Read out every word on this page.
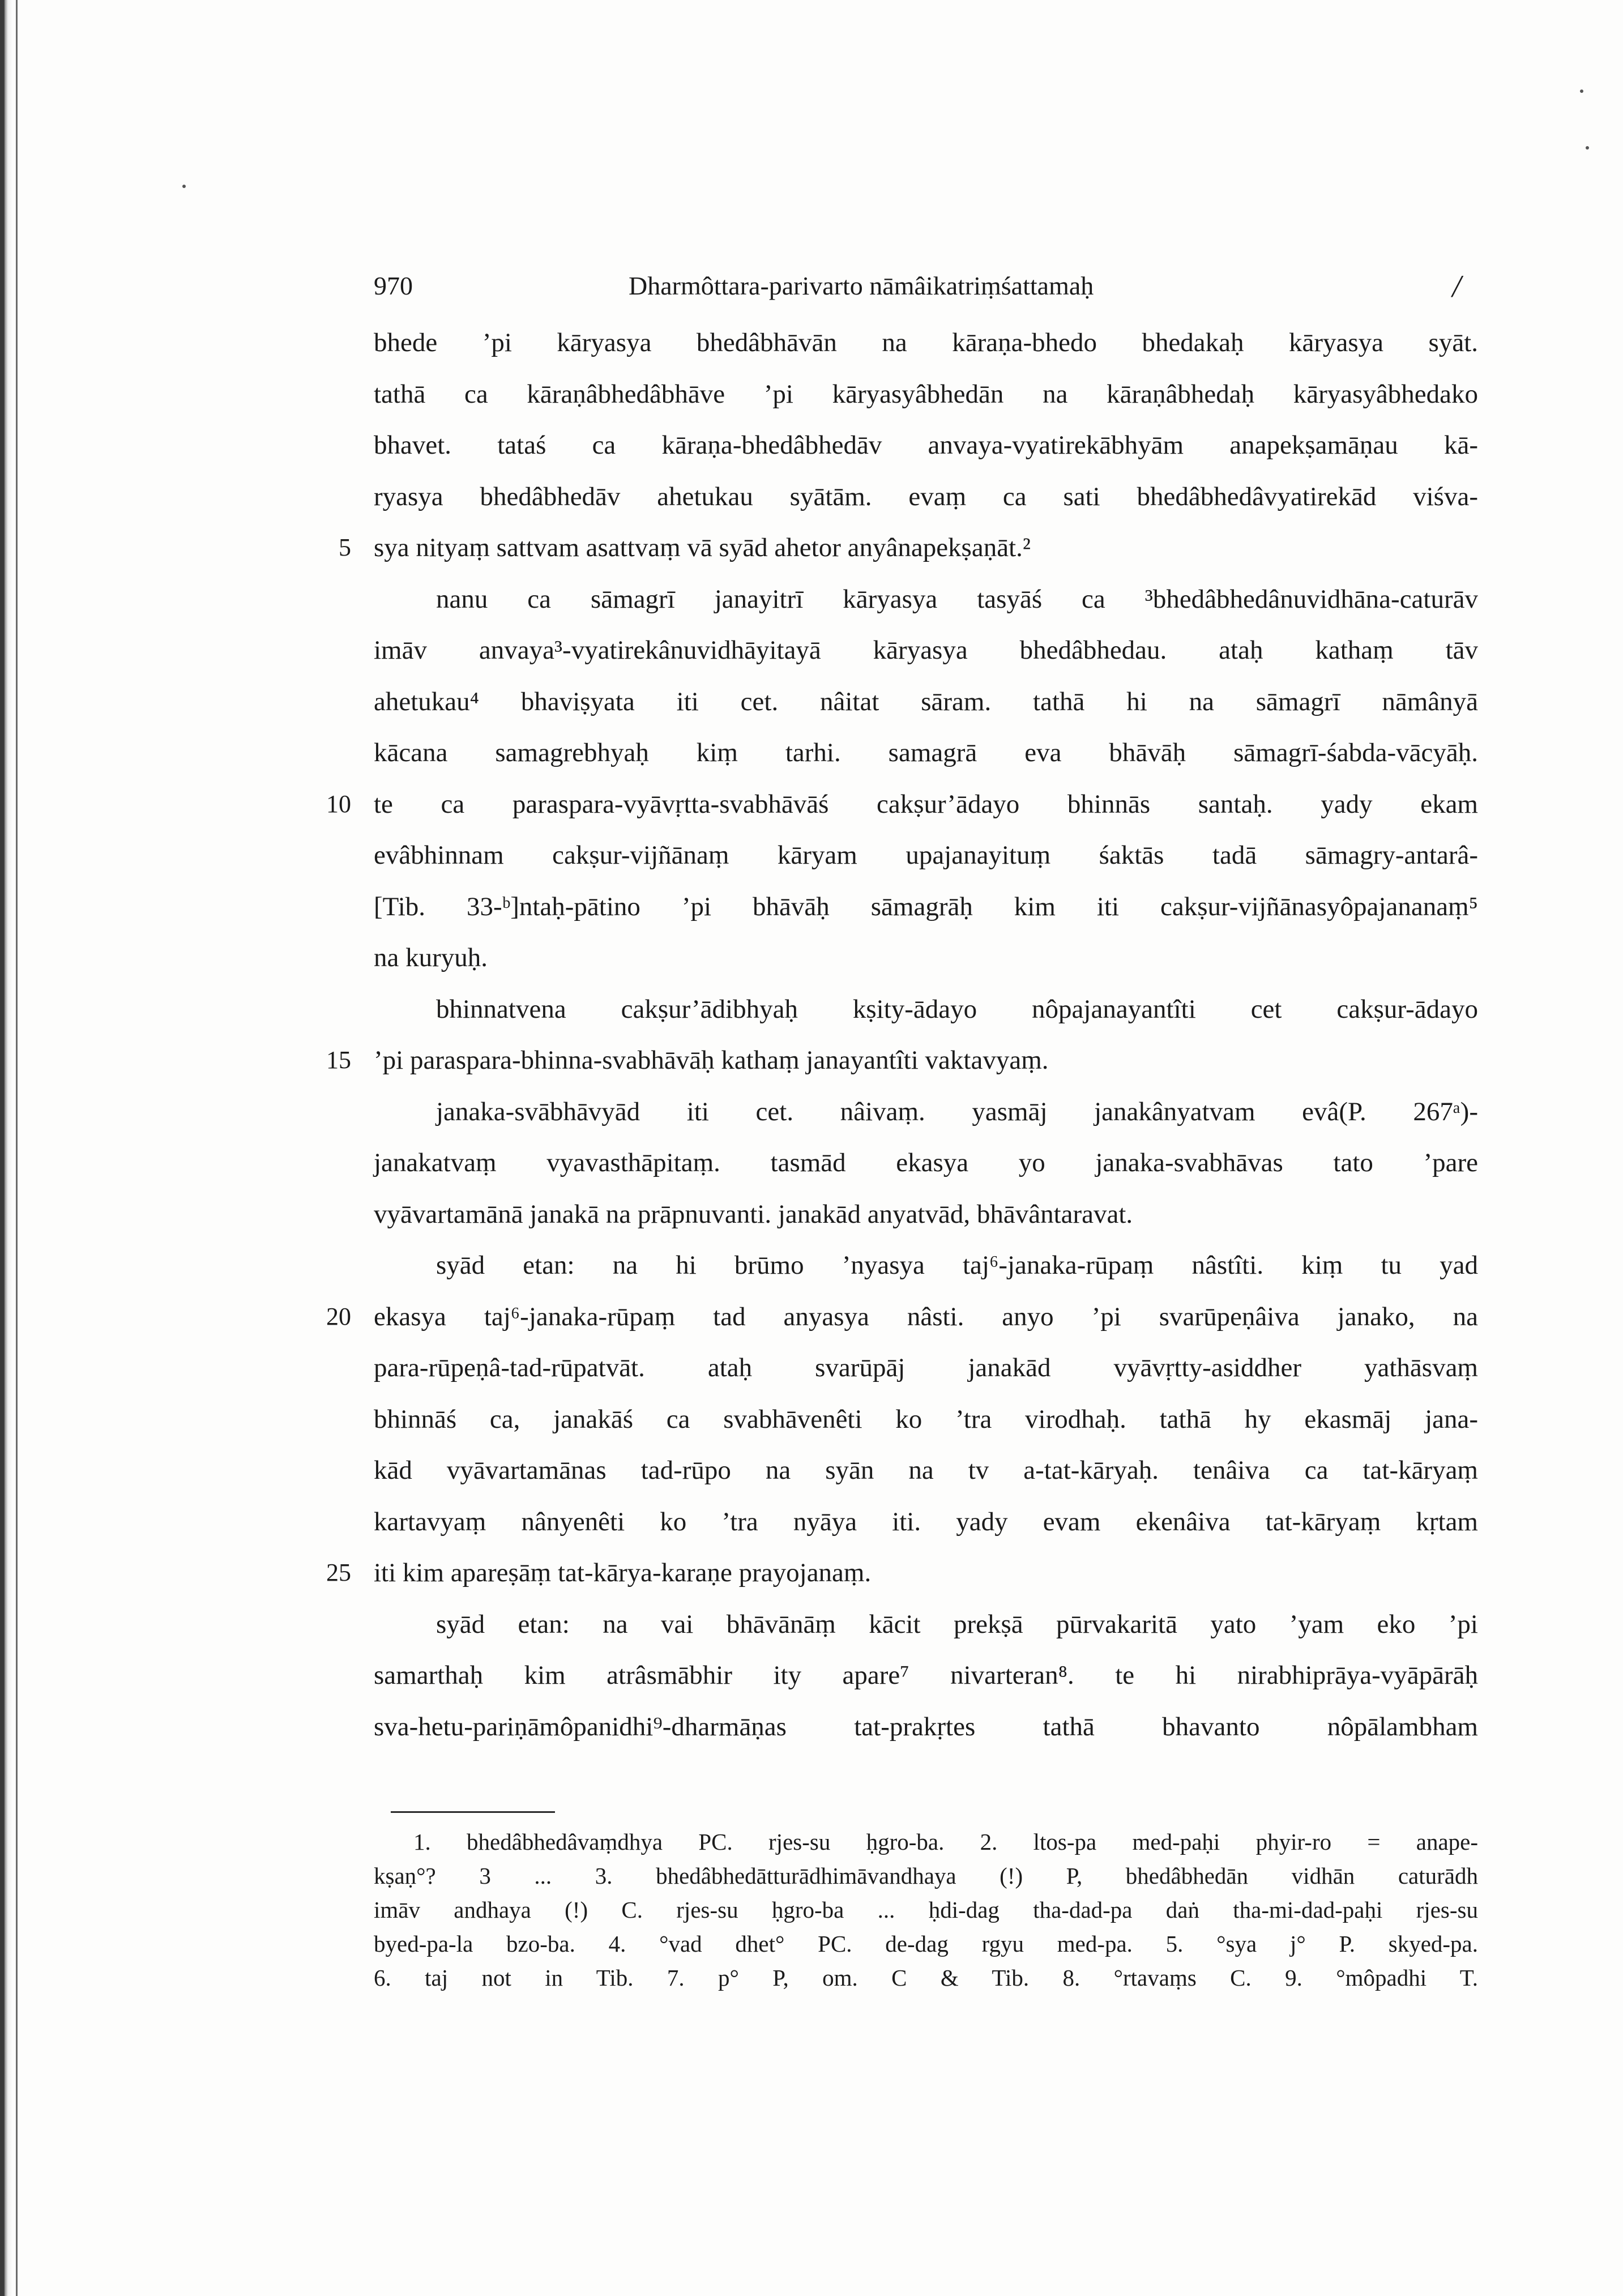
970	Dharmôttara-parivarto nāmâikatriṃśattamaḥ	/
bhede ’pi kāryasya bhedâbhāvān na kāraṇa-bhedo bhedakaḥ kāryasya syāt.
tathā ca kāraṇâbhedâbhāve ’pi kāryasyâbhedān na kāraṇâbhedaḥ kāryasyâbhedako
bhavet. tataś ca kāraṇa-bhedâbhedāv anvaya-vyatirekābhyām anapekṣamāṇau kā-
ryasya bhedâbhedāv ahetukau syātām. evaṃ ca sati bhedâbhedâvyatirekād viśva-
5 sya nityaṃ sattvam asattvaṃ vā syād ahetor anyânapekṣaṇāt.²
nanu ca sāmagrī janayitrī kāryasya tasyāś ca ³bhedâbhedânuvidhāna-caturāv
imāv anvaya³-vyatirekânuvidhāyitayā kāryasya bhedâbhedau. ataḥ kathaṃ tāv
ahetukau⁴ bhaviṣyata iti cet. nâitat sāram. tathā hi na sāmagrī nāmânyā
kācana samagrebhyaḥ kiṃ tarhi. samagrā eva bhāvāḥ sāmagrī-śabda-vācyāḥ.
10 te ca paraspara-vyāvṛtta-svabhāvāś cakṣur’ādayo bhinnās santaḥ. yady ekam
evâbhinnam cakṣur-vijñānaṃ kāryam upajanayituṃ śaktās tadā sāmagry-antarâ-
[Tib. 33-ᵇ]ntaḥ-pātino ’pi bhāvāḥ sāmagrāḥ kim iti cakṣur-vijñānasyôpajananaṃ⁵
na kuryuḥ.
bhinnatvena cakṣur’ādibhyaḥ kṣity-ādayo nôpajanayantîti cet cakṣur-ādayo
15 ’pi paraspara-bhinna-svabhāvāḥ kathaṃ janayantîti vaktavyaṃ.
janaka-svābhāvyād iti cet. nâivaṃ. yasmāj janakânyatvam evâ(P. 267ᵃ)-
janakatvaṃ vyavasthāpitaṃ. tasmād ekasya yo janaka-svabhāvas tato ’pare
vyāvartamānā janakā na prāpnuvanti. janakād anyatvād, bhāvântaravat.
syād etan: na hi brūmo ’nyasya taj⁶-janaka-rūpaṃ nâstîti. kiṃ tu yad
20 ekasya taj⁶-janaka-rūpaṃ tad anyasya nâsti. anyo ’pi svarūpeṇâiva janako, na
para-rūpeṇâ-tad-rūpatvāt. ataḥ svarūpāj janakād vyāvṛtty-asiddher yathāsvaṃ
bhinnāś ca, janakāś ca svabhāvenêti ko ’tra virodhaḥ. tathā hy ekasmāj jana-
kād vyāvartamānas tad-rūpo na syān na tv a-tat-kāryaḥ. tenâiva ca tat-kāryaṃ
kartavyaṃ nânyenêti ko ’tra nyāya iti. yady evam ekenâiva tat-kāryaṃ kṛtam
25 iti kim apareṣāṃ tat-kārya-karaṇe prayojanaṃ.
syād etan: na vai bhāvānāṃ kācit prekṣā pūrvakaritā yato ’yam eko ’pi
samarthaḥ kim atrâsmābhir ity apare⁷ nivarteran⁸. te hi nirabhiprāya-vyāpārāḥ
sva-hetu-pariṇāmôpanidhi⁹-dharmāṇas tat-prakṛtes tathā bhavanto nôpālambham
1. bhedâbhedâvaṃdhya PC. rjes-su ḥgro-ba. 2. ltos-pa med-paḥi phyir-ro = anape-
kṣaṇ°? 3 ... 3. bhedâbhedātturādhimāvandhaya (!) P, bhedâbhedān vidhān caturādh
imāv andhaya (!) C. rjes-su ḥgro-ba ... ḥdi-dag tha-dad-pa daṅ tha-mi-dad-paḥi rjes-su
byed-pa-la bzo-ba. 4. °vad dhet° PC. de-dag rgyu med-pa. 5. °sya j° P. skyed-pa.
6. taj not in Tib. 7. p° P, om. C & Tib. 8. °rtavaṃs C. 9. °môpadhi T.
